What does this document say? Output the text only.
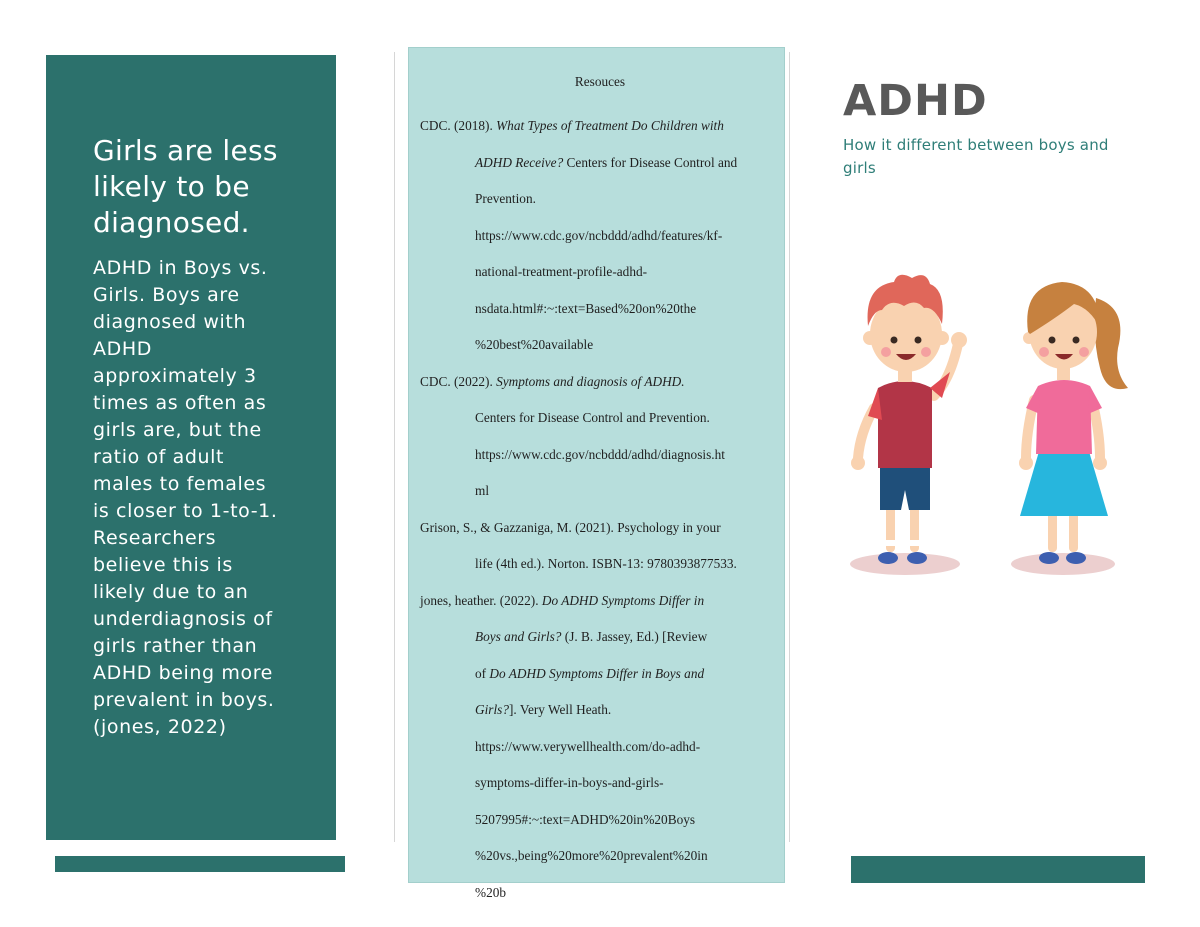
Girls are less likely to be diagnosed.

ADHD in Boys vs. Girls. Boys are diagnosed with ADHD approximately 3 times as often as girls are, but the ratio of adult males to females is closer to 1-to-1. Researchers believe this is likely due to an underdiagnosis of girls rather than ADHD being more prevalent in boys. (jones, 2022)

Resouces
CDC. (2018). What Types of Treatment Do Children with
ADHD Receive? Centers for Disease Control and
Prevention.
https://www.cdc.gov/ncbddd/adhd/features/kf-
national-treatment-profile-adhd-
nsdata.html#:~:text=Based%20on%20the
%20best%20available
CDC. (2022). Symptoms and diagnosis of ADHD.
Centers for Disease Control and Prevention.
https://www.cdc.gov/ncbddd/adhd/diagnosis.ht
ml
Grison, S., & Gazzaniga, M. (2021). Psychology in your
life (4th ed.). Norton. ISBN-13: 9780393877533.
jones, heather. (2022). Do ADHD Symptoms Differ in
Boys and Girls? (J. B. Jassey, Ed.) [Review
of Do ADHD Symptoms Differ in Boys and
Girls?]. Very Well Heath.
https://www.verywellhealth.com/do-adhd-
symptoms-differ-in-boys-and-girls-
5207995#:~:text=ADHD%20in%20Boys
%20vs.,being%20more%20prevalent%20in
%20b
ADHD

How it different between boys and girls
